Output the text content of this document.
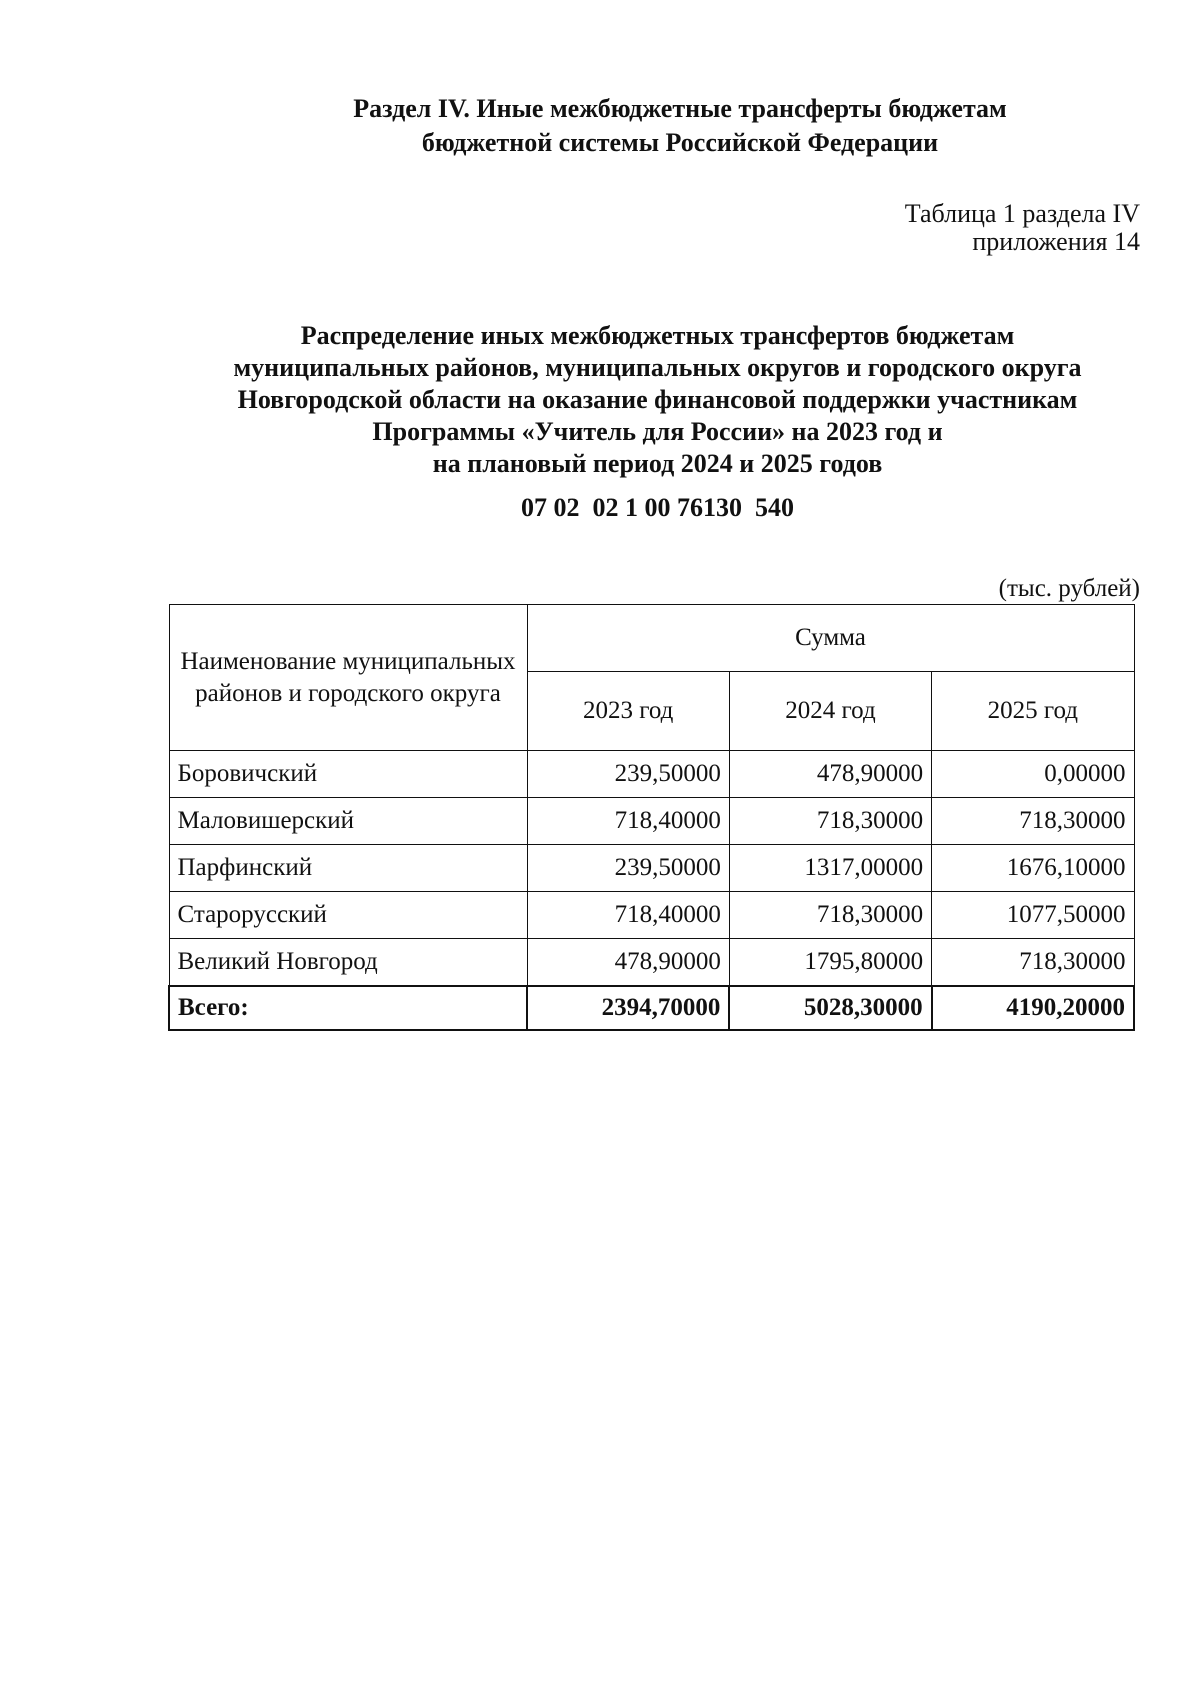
Раздел IV. Иные межбюджетные трансферты бюджетам
бюджетной системы Российской Федерации
Таблица 1 раздела IV
приложения 14
Распределение иных межбюджетных трансфертов бюджетам
муниципальных районов, муниципальных округов и городского округа
Новгородской области на оказание финансовой поддержки участникам
Программы «Учитель для России» на 2023 год и
на плановый период 2024 и 2025 годов
07 02  02 1 00 76130  540
(тыс. рублей)
Наименование муниципальных районов и городского округа	Сумма		
	2023 год	2024 год	2025 год
Боровичский	239,50000	478,90000	0,00000
Маловишерский	718,40000	718,30000	718,30000
Парфинский	239,50000	1317,00000	1676,10000
Старорусский	718,40000	718,30000	1077,50000
Великий Новгород	478,90000	1795,80000	718,30000
Всего:	2394,70000	5028,30000	4190,20000
